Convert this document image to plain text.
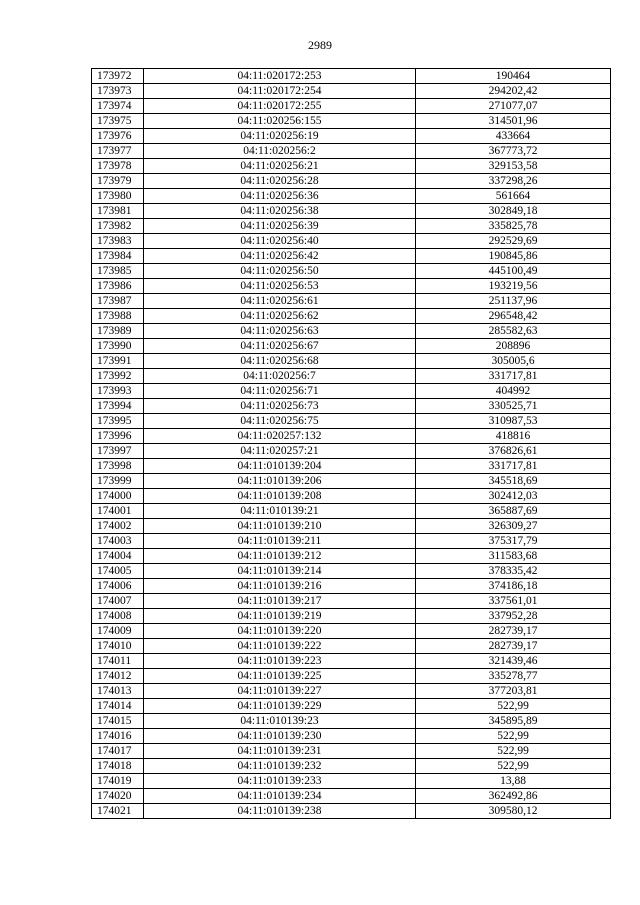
2989
173972	04:11:020172:253	190464
173973	04:11:020172:254	294202,42
173974	04:11:020172:255	271077,07
173975	04:11:020256:155	314501,96
173976	04:11:020256:19	433664
173977	04:11:020256:2	367773,72
173978	04:11:020256:21	329153,58
173979	04:11:020256:28	337298,26
173980	04:11:020256:36	561664
173981	04:11:020256:38	302849,18
173982	04:11:020256:39	335825,78
173983	04:11:020256:40	292529,69
173984	04:11:020256:42	190845,86
173985	04:11:020256:50	445100,49
173986	04:11:020256:53	193219,56
173987	04:11:020256:61	251137,96
173988	04:11:020256:62	296548,42
173989	04:11:020256:63	285582,63
173990	04:11:020256:67	208896
173991	04:11:020256:68	305005,6
173992	04:11:020256:7	331717,81
173993	04:11:020256:71	404992
173994	04:11:020256:73	330525,71
173995	04:11:020256:75	310987,53
173996	04:11:020257:132	418816
173997	04:11:020257:21	376826,61
173998	04:11:010139:204	331717,81
173999	04:11:010139:206	345518,69
174000	04:11:010139:208	302412,03
174001	04:11:010139:21	365887,69
174002	04:11:010139:210	326309,27
174003	04:11:010139:211	375317,79
174004	04:11:010139:212	311583,68
174005	04:11:010139:214	378335,42
174006	04:11:010139:216	374186,18
174007	04:11:010139:217	337561,01
174008	04:11:010139:219	337952,28
174009	04:11:010139:220	282739,17
174010	04:11:010139:222	282739,17
174011	04:11:010139:223	321439,46
174012	04:11:010139:225	335278,77
174013	04:11:010139:227	377203,81
174014	04:11:010139:229	522,99
174015	04:11:010139:23	345895,89
174016	04:11:010139:230	522,99
174017	04:11:010139:231	522,99
174018	04:11:010139:232	522,99
174019	04:11:010139:233	13,88
174020	04:11:010139:234	362492,86
174021	04:11:010139:238	309580,12
